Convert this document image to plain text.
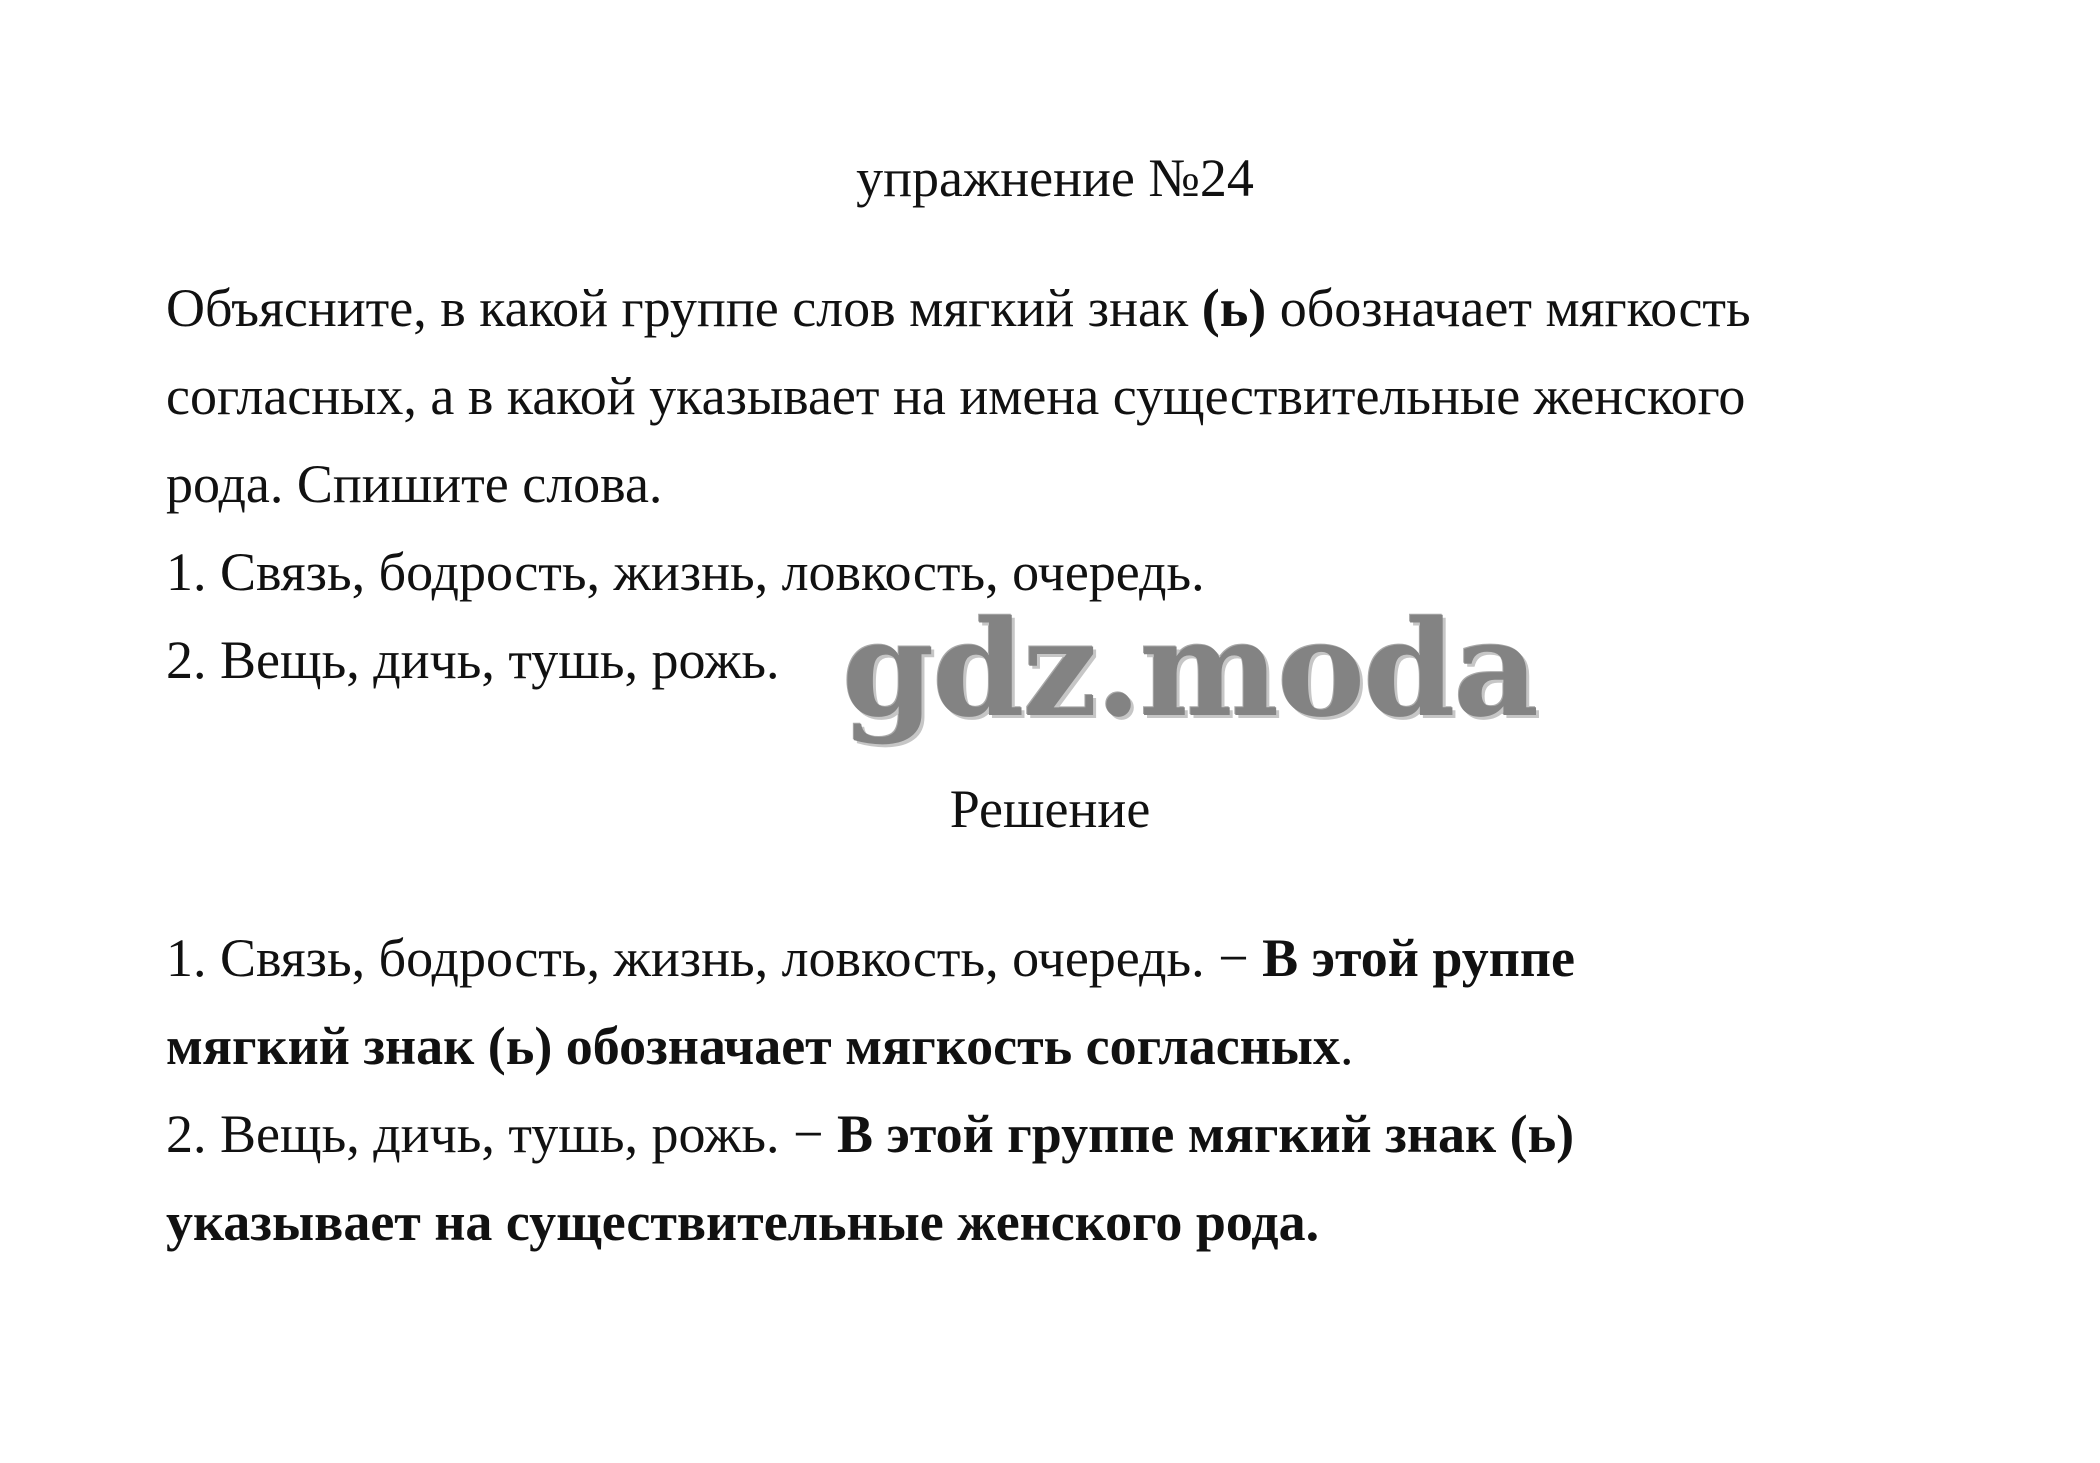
упражнение №24
Объясните, в какой группе слов мягкий знак (ь) обозначает мягкость
согласных, а в какой указывает на имена существительные женского
рода. Спишите слова.
1. Связь, бодрость, жизнь, ловкость, очередь.
2. Вещь, дичь, тушь, рожь. gdz.moda
Решение
1. Связь, бодрость, жизнь, ловкость, очередь. − В этой руппе
мягкий знак (ь) обозначает мягкость согласных.
2. Вещь, дичь, тушь, рожь. − В этой группе мягкий знак (ь)
указывает на существительные женского рода.
